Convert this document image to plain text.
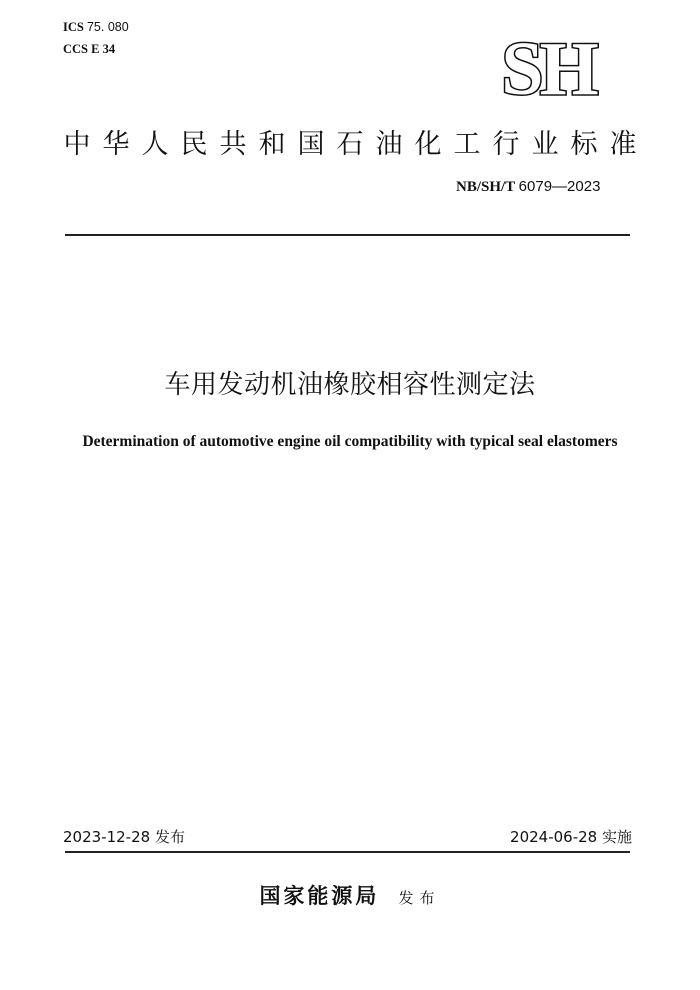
ICS 75. 080
CCS E 34	SH
中华人民共和国石油化工行业标准
NB/SH/T 6079—2023
车用发动机油橡胶相容性测定法
Determination of automotive engine oil compatibility with typical seal elastomers
2023-12-28 发布	2024-06-28 实施
国家能源局 发布
